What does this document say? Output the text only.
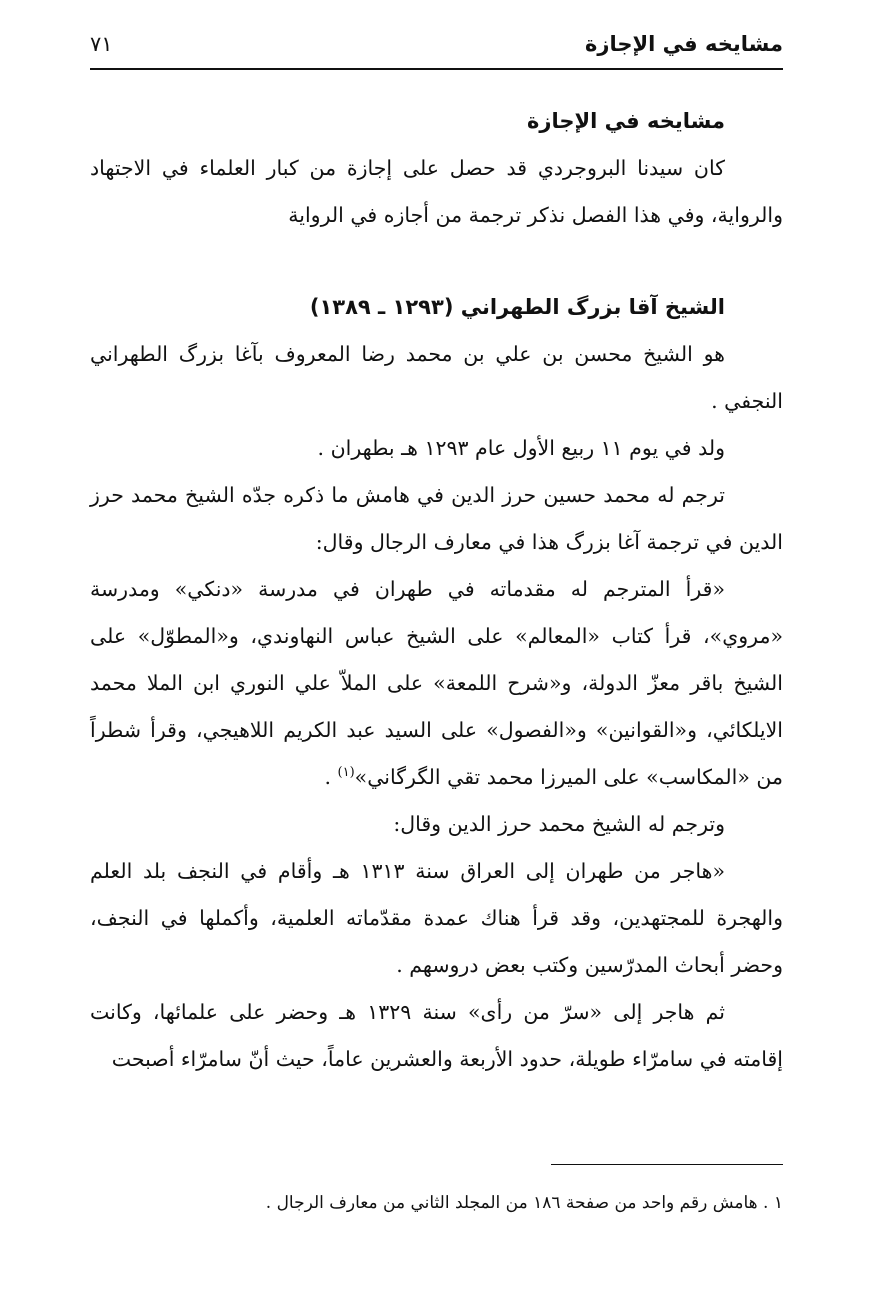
مشايخه في الإجازة
٧١
مشايخه في الإجازة

كان سيدنا البروجردي قد حصل على إجازة من كبار العلماء في الاجتهاد والرواية، وفي هذا الفصل نذكر ترجمة من أجازه في الرواية

الشيخ آقا بزرگ الطهراني (١٢٩٣ ـ ١٣٨٩)

هو الشيخ محسن بن علي بن محمد رضا المعروف بآغا بزرگ الطهراني النجفي .

ولد في يوم ١١ ربيع الأول عام ١٢٩٣ هـ بطهران .

ترجم له محمد حسين حرز الدين في هامش ما ذكره جدّه الشيخ محمد حرز الدين في ترجمة آغا بزرگ هذا في معارف الرجال وقال:

«قرأ المترجم له مقدماته في طهران في مدرسة «دنكي» ومدرسة «مروي»، قرأ كتاب «المعالم» على الشيخ عباس النهاوندي، و«المطوّل» على الشيخ باقر معزّ الدولة، و«شرح اللمعة» على الملاّ علي النوري ابن الملا محمد الايلكائي، و«القوانين» و«الفصول» على السيد عبد الكريم اللاهيجي، وقرأ شطراً من «المكاسب» على الميرزا محمد تقي الگرگاني»$^{(١)}$ .

وترجم له الشيخ محمد حرز الدين وقال:

«هاجر من طهران إلى العراق سنة ١٣١٣ هـ وأقام في النجف بلد العلم والهجرة للمجتهدين، وقد قرأ هناك عمدة مقدّماته العلمية، وأكملها في النجف، وحضر أبحاث المدرّسين وكتب بعض دروسهم .

ثم هاجر إلى «سرّ من رأى» سنة ١٣٢٩ هـ وحضر على علمائها، وكانت إقامته في سامرّاء طويلة، حدود الأربعة والعشرين عاماً، حيث أنّ سامرّاء أصبحت

١ . هامش رقم واحد من صفحة ١٨٦ من المجلد الثاني من معارف الرجال .
